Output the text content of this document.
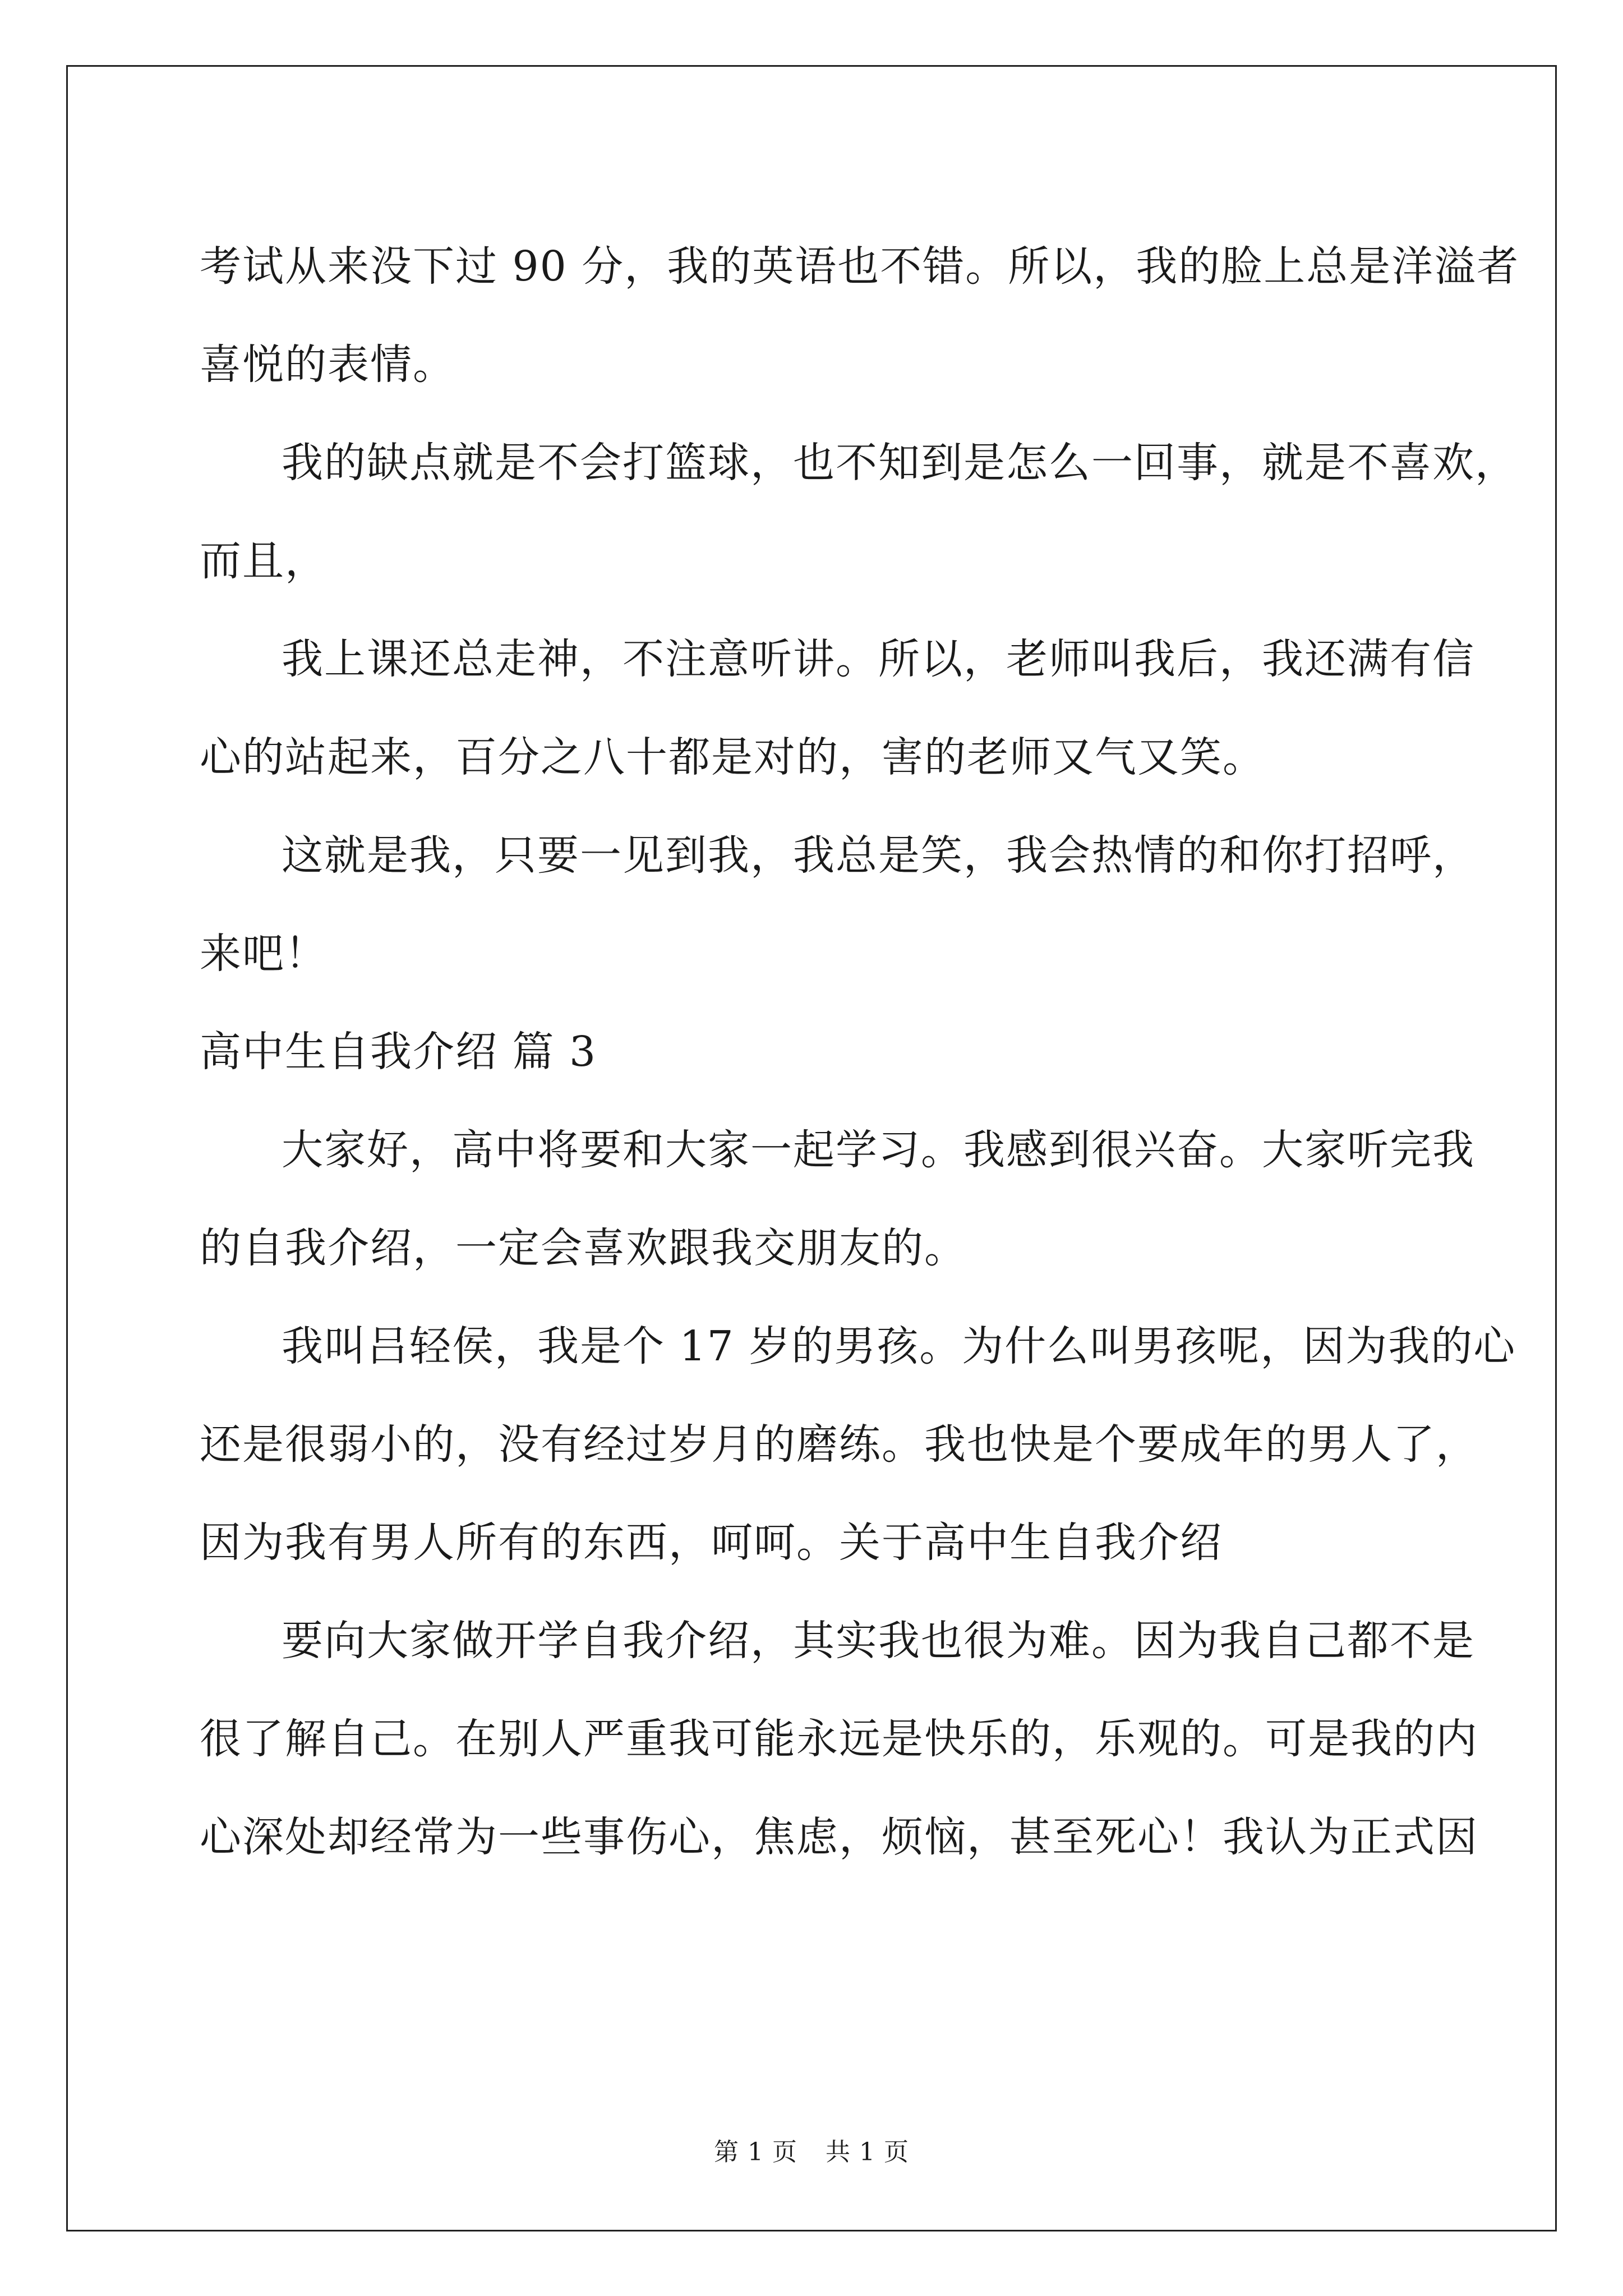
考试从来没下过 90 分，我的英语也不错。所以，我的脸上总是洋溢者
喜悦的表情。
我的缺点就是不会打篮球，也不知到是怎么一回事，就是不喜欢，
而且，
我上课还总走神，不注意听讲。所以，老师叫我后，我还满有信
心的站起来，百分之八十都是对的，害的老师又气又笑。
这就是我，只要一见到我，我总是笑，我会热情的和你打招呼，
来吧！
高中生自我介绍 篇 3
大家好，高中将要和大家一起学习。我感到很兴奋。大家听完我
的自我介绍，一定会喜欢跟我交朋友的。
我叫吕轻侯，我是个 17 岁的男孩。为什么叫男孩呢，因为我的心
还是很弱小的，没有经过岁月的磨练。我也快是个要成年的男人了，
因为我有男人所有的东西，呵呵。关于高中生自我介绍
要向大家做开学自我介绍，其实我也很为难。因为我自己都不是
很了解自己。在别人严重我可能永远是快乐的，乐观的。可是我的内
心深处却经常为一些事伤心，焦虑，烦恼，甚至死心！我认为正式因
第 1 页 共 1 页
